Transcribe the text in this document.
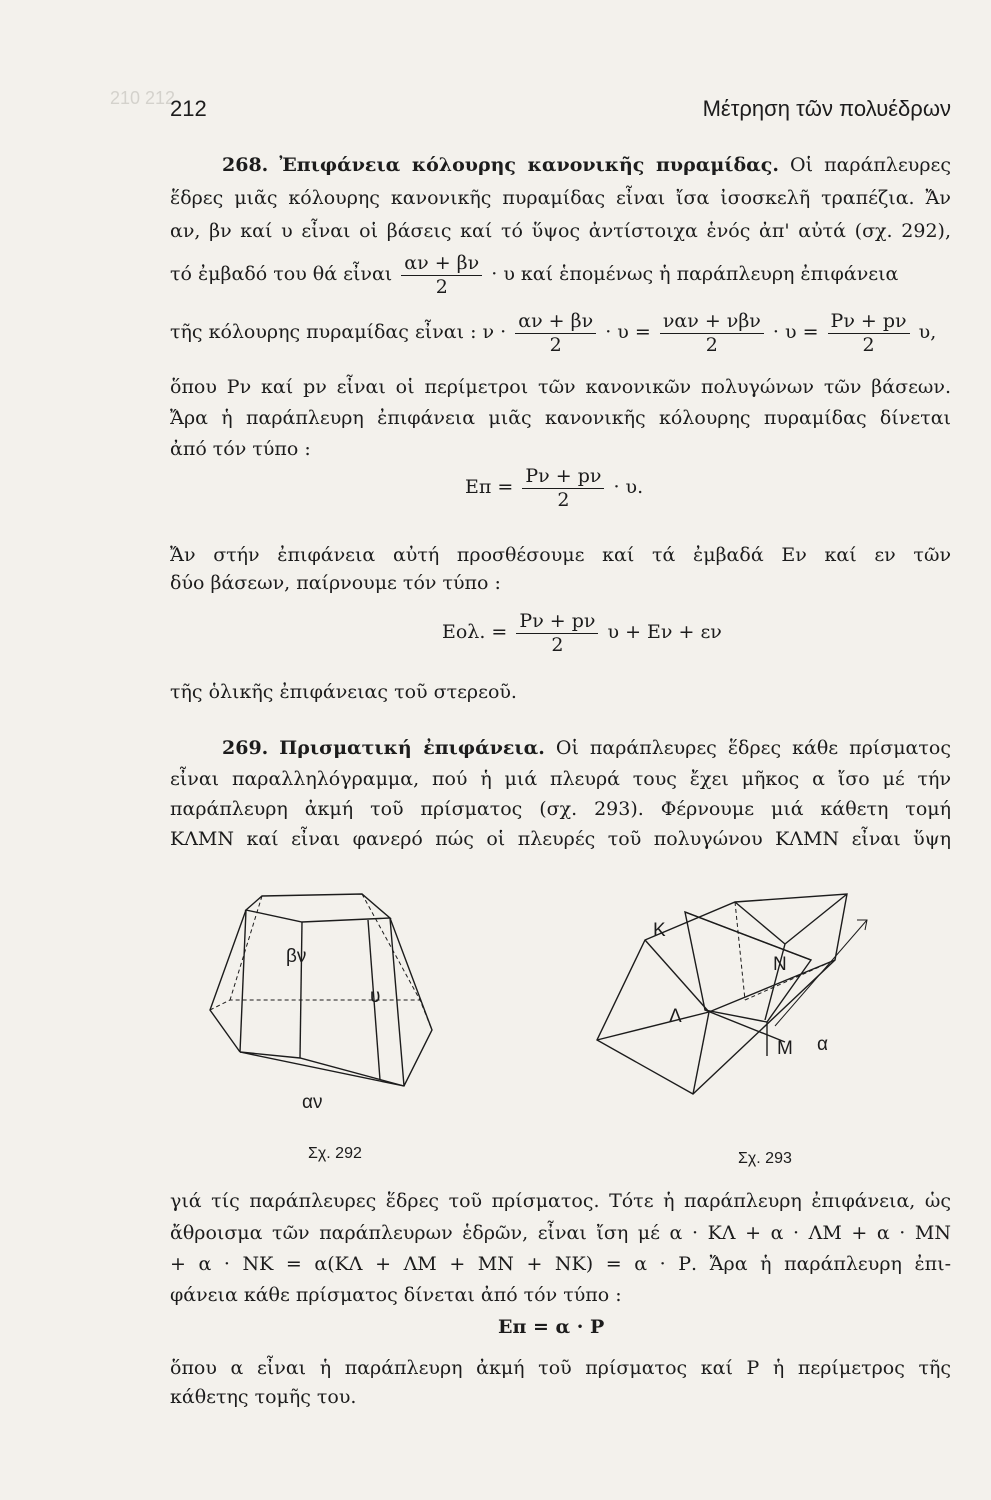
210 212
212	Μέτρηση τῶν πολυέδρων
268. Ἐπιφάνεια κόλουρης κανονικῆς πυραμίδας. Οἱ παράπλευρες
ἕδρες μιᾶς κόλουρης κανονικῆς πυραμίδας εἶναι ἴσα ἰσοσκελῆ τραπέζια. Ἄν
αν, βν καί υ εἶναι οἱ βάσεις καί τό ὕψος ἀντίστοιχα ἑνός ἀπ' αὐτά (σχ. 292),
τό ἐμβαδό του θά εἶναι $\frac{\alpha\nu + \beta\nu}{2} \cdot \upsilon$ καί ἑπομένως ἡ παράπλευρη ἐπιφάνεια
τῆς κόλουρης πυραμίδας εἶναι : $\nu \cdot \frac{\alpha\nu + \beta\nu}{2} \cdot \upsilon = \frac{\text{ναν + νβν}}{2} \cdot \upsilon = \frac{P\nu + p\nu}{2} \upsilon$,
ὅπου Pν καί pν εἶναι οἱ περίμετροι τῶν κανονικῶν πολυγώνων τῶν βάσεων.
Ἄρα ἡ παράπλευρη ἐπιφάνεια μιᾶς κανονικῆς κόλουρης πυραμίδας δίνεται
ἀπό τόν τύπο :
$E\pi = \frac{P\nu + p\nu}{2} \cdot \upsilon$.
Ἄν στήν ἐπιφάνεια αὐτή προσθέσουμε καί τά ἐμβαδά Eν καί εν τῶν
δύο βάσεων, παίρνουμε τόν τύπο :
Eολ. = $\frac{P\nu + p\nu}{2}$ υ + Eν + εν
τῆς ὁλικῆς ἐπιφάνειας τοῦ στερεοῦ.
269. Πρισματική ἐπιφάνεια. Οἱ παράπλευρες ἕδρες κάθε πρίσματος
εἶναι παραλληλόγραμμα, πού ἡ μιά πλευρά τους ἔχει μῆκος α ἴσο μέ τήν
παράπλευρη ἀκμή τοῦ πρίσματος (σχ. 293). Φέρνουμε μιά κάθετη τομή
ΚΛΜΝ καί εἶναι φανερό πώς οἱ πλευρές τοῦ πολυγώνου ΚΛΜΝ εἶναι ὕψη
βν
υ
αν
Σχ. 292
Κ
Ν
Λ
Μ α
Σχ. 293
γιά τίς παράπλευρες ἕδρες τοῦ πρίσματος. Τότε ἡ παράπλευρη ἐπιφάνεια, ὡς
ἄθροισμα τῶν παράπλευρων ἑδρῶν, εἶναι ἴση μέ α · ΚΛ + α · ΛΜ + α · ΜΝ
+ α · ΝΚ = α(ΚΛ + ΛΜ + ΜΝ + ΝΚ) = α · Ρ. Ἄρα ἡ παράπλευρη ἐπι-
φάνεια κάθε πρίσματος δίνεται ἀπό τόν τύπο :
Eπ = α · P
ὅπου α εἶναι ἡ παράπλευρη ἀκμή τοῦ πρίσματος καί P ἡ περίμετρος τῆς
κάθετης τομῆς του.
